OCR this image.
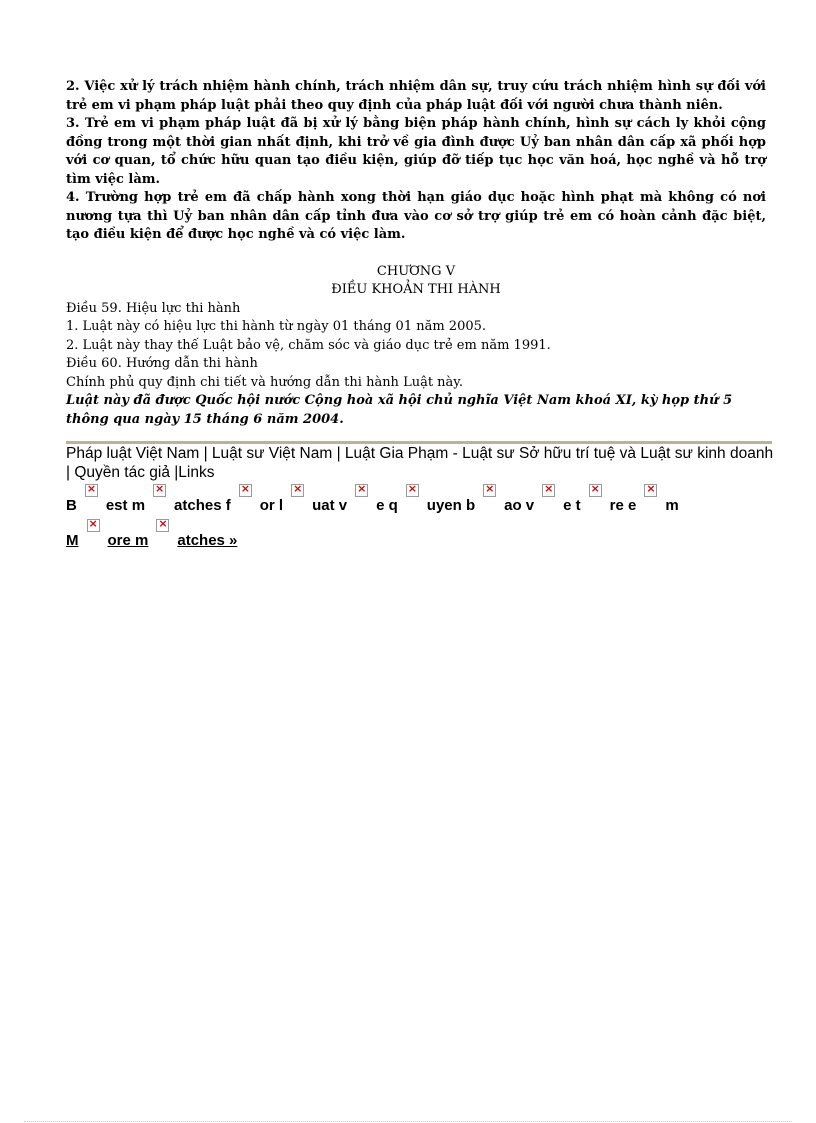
2. Việc xử lý trách nhiệm hành chính, trách nhiệm dân sự, truy cứu trách nhiệm hình sự đối với trẻ em vi phạm pháp luật phải theo quy định của pháp luật đối với người chưa thành niên.

3. Trẻ em vi phạm pháp luật đã bị xử lý bằng biện pháp hành chính, hình sự cách ly khỏi cộng đồng trong một thời gian nhất định, khi trở về gia đình được Uỷ ban nhân dân cấp xã phối hợp với cơ quan, tổ chức hữu quan tạo điều kiện, giúp đỡ tiếp tục học văn hoá, học nghề và hỗ trợ tìm việc làm.

4. Trường hợp trẻ em đã chấp hành xong thời hạn giáo dục hoặc hình phạt mà không có nơi nương tựa thì Uỷ ban nhân dân cấp tỉnh đưa vào cơ sở trợ giúp trẻ em có hoàn cảnh đặc biệt, tạo điều kiện để được học nghề và có việc làm.

CHƯƠNG V

ĐIỀU KHOẢN THI HÀNH

Điều 59. Hiệu lực thi hành

1. Luật này có hiệu lực thi hành từ ngày 01 tháng 01 năm 2005.

2. Luật này thay thế Luật bảo vệ, chăm sóc và giáo dục trẻ em năm 1991.

Điều 60. Hướng dẫn thi hành

Chính phủ quy định chi tiết và hướng dẫn thi hành Luật này.

Luật này đã được Quốc hội nước Cộng hoà xã hội chủ nghĩa Việt Nam khoá XI, kỳ họp thứ 5 thông qua ngày 15 tháng 6 năm 2004.

Pháp luật Việt Nam | Luật sư Việt Nam | Luật Gia Phạm - Luật sư Sở hữu trí tuệ và Luật sư kinh doanh | Quyền tác giả |Links

B
× est m
× atches f
× or l
× uat v
× e q
× uyen b
× ao v
× e t
× re e
× m
M
× ore m
× atches »
